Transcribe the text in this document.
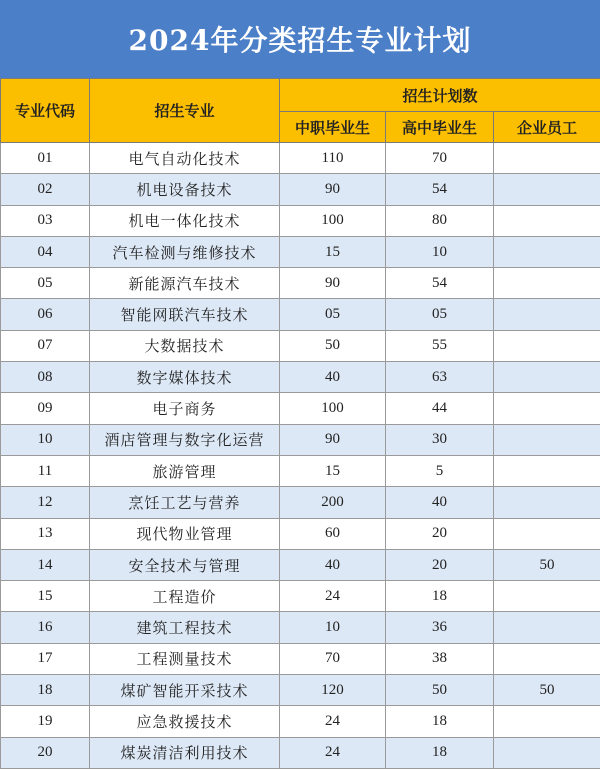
2024年分类招生专业计划
专业代码	招生专业	招生计划数		
		中职毕业生	高中毕业生	企业员工
01	电气自动化技术	110	70	
02	机电设备技术	90	54	
03	机电一体化技术	100	80	
04	汽车检测与维修技术	15	10	
05	新能源汽车技术	90	54	
06	智能网联汽车技术	05	05	
07	大数据技术	50	55	
08	数字媒体技术	40	63	
09	电子商务	100	44	
10	酒店管理与数字化运营	90	30	
11	旅游管理	15	5	
12	烹饪工艺与营养	200	40	
13	现代物业管理	60	20	
14	安全技术与管理	40	20	50
15	工程造价	24	18	
16	建筑工程技术	10	36	
17	工程测量技术	70	38	
18	煤矿智能开采技术	120	50	50
19	应急救援技术	24	18	
20	煤炭清洁利用技术	24	18	
